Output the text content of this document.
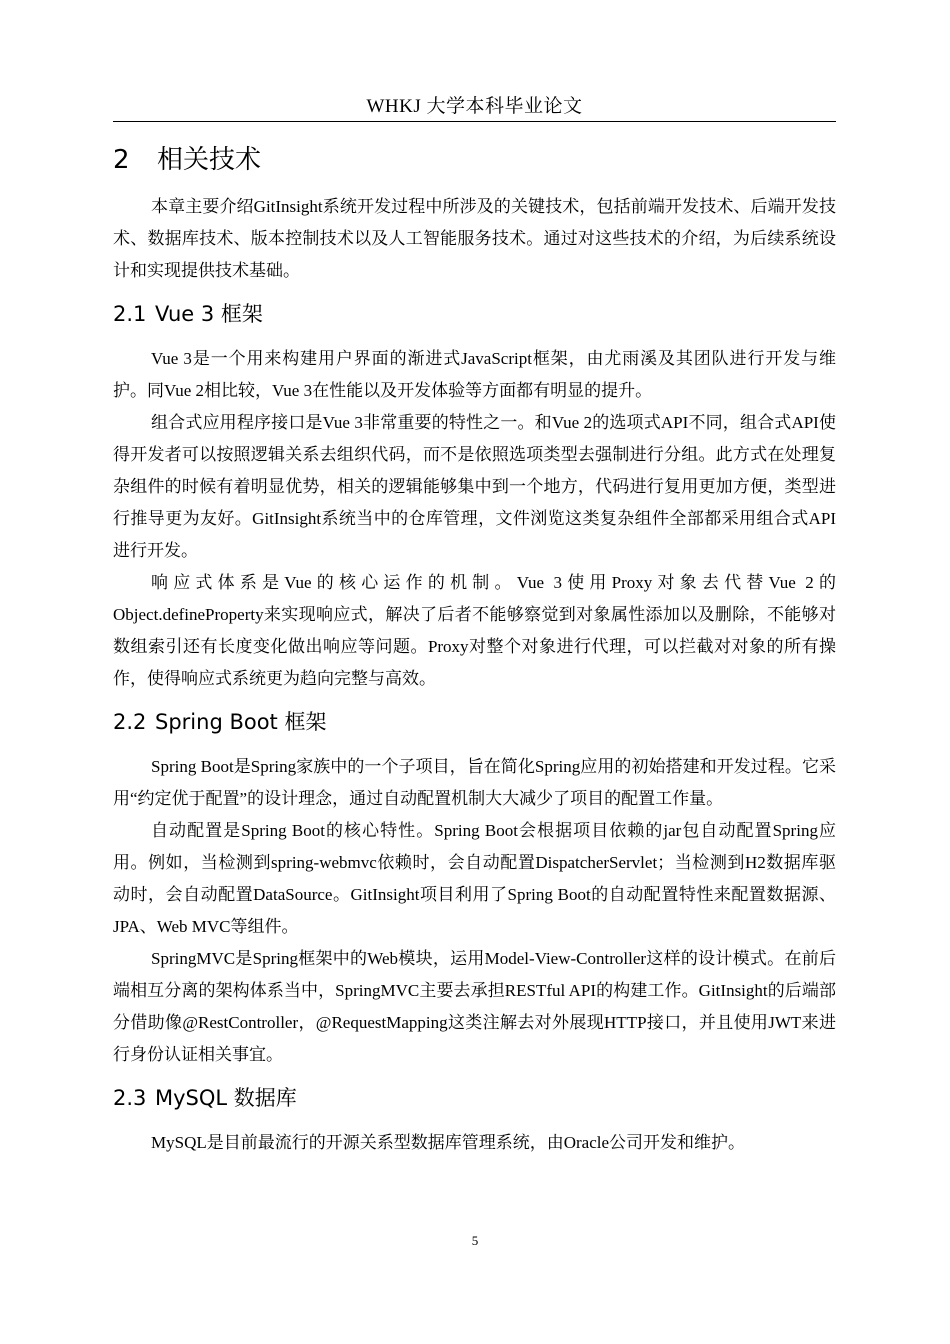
WHKJ 大学本科毕业论文
2 相关技术

本章主要介绍GitInsight系统开发过程中所涉及的关键技术，包括前端开发技术、后端开发技术、数据库技术、版本控制技术以及人工智能服务技术。通过对这些技术的介绍，为后续系统设计和实现提供技术基础。

2.1 Vue 3 框架

Vue 3是一个用来构建用户界面的渐进式JavaScript框架，由尤雨溪及其团队进行开发与维护。同Vue 2相比较，Vue 3在性能以及开发体验等方面都有明显的提升。

组合式应用程序接口是Vue 3非常重要的特性之一。和Vue 2的选项式API不同，组合式API使得开发者可以按照逻辑关系去组织代码，而不是依照选项类型去强制进行分组。此方式在处理复杂组件的时候有着明显优势，相关的逻辑能够集中到一个地方，代码进行复用更加方便，类型进行推导更为友好。GitInsight系统当中的仓库管理，文件浏览这类复杂组件全部都采用组合式API进行开发。

响应式体系是Vue的核心运作的机制。Vue 3使用Proxy对象去代替Vue 2的Object.defineProperty来实现响应式，解决了后者不能够察觉到对象属性添加以及删除，不能够对数组索引还有长度变化做出响应等问题。Proxy对整个对象进行代理，可以拦截对对象的所有操作，使得响应式系统更为趋向完整与高效。

2.2 Spring Boot 框架

Spring Boot是Spring家族中的一个子项目，旨在简化Spring应用的初始搭建和开发过程。它采用“约定优于配置”的设计理念，通过自动配置机制大大减少了项目的配置工作量。

自动配置是Spring Boot的核心特性。Spring Boot会根据项目依赖的jar包自动配置Spring应用。例如，当检测到spring-webmvc依赖时，会自动配置DispatcherServlet；当检测到H2数据库驱动时，会自动配置DataSource。GitInsight项目利用了Spring Boot的自动配置特性来配置数据源、JPA、Web MVC等组件。

SpringMVC是Spring框架中的Web模块，运用Model-View-Controller这样的设计模式。在前后端相互分离的架构体系当中，SpringMVC主要去承担RESTful API的构建工作。GitInsight的后端部分借助像@RestController，@RequestMapping这类注解去对外展现HTTP接口，并且使用JWT来进行身份认证相关事宜。

2.3 MySQL 数据库

MySQL是目前最流行的开源关系型数据库管理系统，由Oracle公司开发和维护。

5
